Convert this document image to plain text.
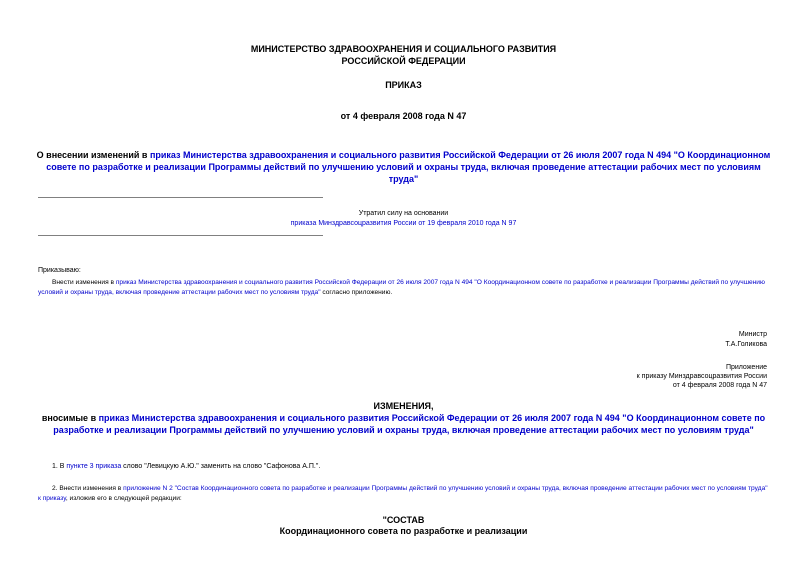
МИНИСТЕРСТВО ЗДРАВООХРАНЕНИЯ И СОЦИАЛЬНОГО РАЗВИТИЯ
РОССИЙСКОЙ ФЕДЕРАЦИИ
ПРИКАЗ
от 4 февраля 2008 года N 47
О внесении изменений в приказ Министерства здравоохранения и социального развития Российской Федерации от 26 июля 2007 года N 494 "О Координационном совете по разработке и реализации Программы действий по улучшению условий и охраны труда, включая проведение аттестации рабочих мест по условиям труда"
Утратил силу на основании
приказа Минздравсоцразвития России от 19 февраля 2010 года N 97
Приказываю:
Внести изменения в приказ Министерства здравоохранения и социального развития Российской Федерации от 26 июля 2007 года N 494 "О Координационном совете по разработке и реализации Программы действий по улучшению условий и охраны труда, включая проведение аттестации рабочих мест по условиям труда" согласно приложению.
Министр
Т.А.Голикова
Приложение
к приказу Минздравсоцразвития России
от 4 февраля 2008 года N 47
ИЗМЕНЕНИЯ,
вносимые в приказ Министерства здравоохранения и социального развития Российской Федерации от 26 июля 2007 года N 494 "О Координационном совете по разработке и реализации Программы действий по улучшению условий и охраны труда, включая проведение аттестации рабочих мест по условиям труда"
1. В пункте 3 приказа слово "Левицкую А.Ю." заменить на слово "Сафонова А.П.".
2. Внести изменения в приложение N 2 "Состав Координационного совета по разработке и реализации Программы действий по улучшению условий и охраны труда, включая проведение аттестации рабочих мест по условиям труда" к приказу, изложив его в следующей редакции:
"СОСТАВ
Координационного совета по разработке и реализации
